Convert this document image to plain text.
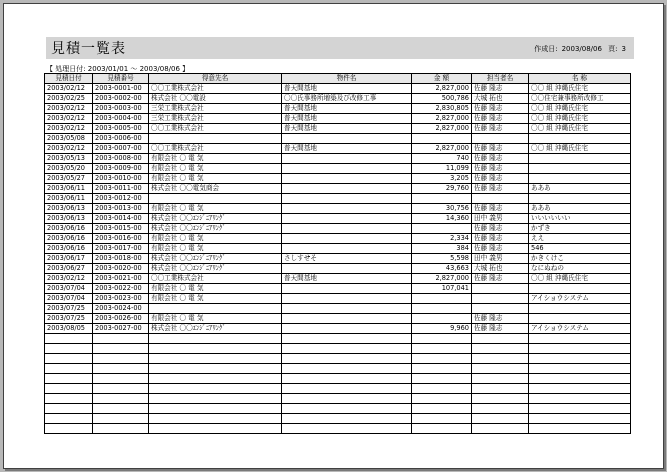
見積一覧表	作成日: 2003/08/06 頁: 3
【 処理日付: 2003/01/01 〜 2003/08/06 】
見積日付	見積番号	得意先名	物件名	金 額	担当者名	名 称
2003/02/12	2003-0001-00	〇〇工業株式会社	普天間基地	2,827,000	佐藤 隆志	〇〇 組 沖縄氏住宅
2003/02/25	2003-0002-00	株式会社 〇〇電設	〇〇氏事務所増築及び改修工事	500,786	大城 拓也	〇〇住宅兼事務所改修工
2003/02/12	2003-0003-00	三栄工業株式会社	普天間基地	2,830,805	佐藤 隆志	〇〇 組 沖縄氏住宅
2003/02/12	2003-0004-00	三栄工業株式会社	普天間基地	2,827,000	佐藤 隆志	〇〇 組 沖縄氏住宅
2003/02/12	2003-0005-00	〇〇工業株式会社	普天間基地	2,827,000	佐藤 隆志	〇〇 組 沖縄氏住宅
2003/05/08	2003-0006-00					
2003/02/12	2003-0007-00	〇〇工業株式会社	普天間基地	2,827,000	佐藤 隆志	〇〇 組 沖縄氏住宅
2003/05/13	2003-0008-00	有限会社 〇 電 気		740	佐藤 隆志	
2003/05/20	2003-0009-00	有限会社 〇 電 気		11,099	佐藤 隆志	
2003/05/27	2003-0010-00	有限会社 〇 電 気		3,205	佐藤 隆志	
2003/06/11	2003-0011-00	株式会社 〇〇電気商会		29,760	佐藤 隆志	あああ
2003/06/11	2003-0012-00					
2003/06/13	2003-0013-00	有限会社 〇 電 気		30,756	佐藤 隆志	あああ
2003/06/13	2003-0014-00	株式会社 〇〇ｴﾝｼﾞﾆｱﾘﾝｸﾞ		14,360	田中 義男	いいいいいい
2003/06/16	2003-0015-00	株式会社 〇〇ｴﾝｼﾞﾆｱﾘﾝｸﾞ			佐藤 隆志	かずき
2003/06/16	2003-0016-00	有限会社 〇 電 気		2,334	佐藤 隆志	ええ
2003/06/16	2003-0017-00	有限会社 〇 電 気		384	佐藤 隆志	546
2003/06/17	2003-0018-00	株式会社 〇〇ｴﾝｼﾞﾆｱﾘﾝｸﾞ	さしすせそ	5,598	田中 義男	かきくけこ
2003/06/27	2003-0020-00	株式会社 〇〇ｴﾝｼﾞﾆｱﾘﾝｸﾞ		43,663	大城 拓也	なにぬねの
2003/02/12	2003-0021-00	〇〇工業株式会社	普天間基地	2,827,000	佐藤 隆志	〇〇 組 沖縄氏住宅
2003/07/04	2003-0022-00	有限会社 〇 電 気		107,041		
2003/07/04	2003-0023-00	有限会社 〇 電 気				アイショウシステム
2003/07/25	2003-0024-00					
2003/07/25	2003-0026-00	有限会社 〇 電 気			佐藤 隆志	
2003/08/05	2003-0027-00	株式会社 〇〇ｴﾝｼﾞﾆｱﾘﾝｸﾞ		9,960	佐藤 隆志	アイショウシステム
